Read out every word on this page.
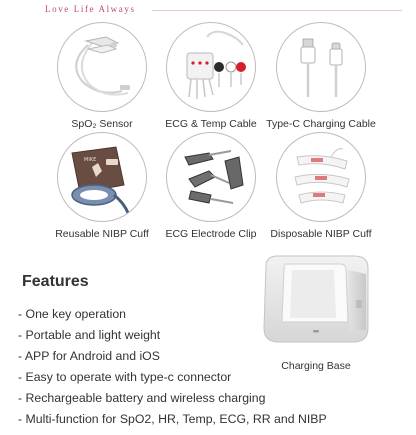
Love Life Always
SpO₂ Sensor	ECG & Temp Cable Type-C Charging Cable
MIKE
Reusable NIBP Cuff	ECG Electrode Clip	Disposable NIBP Cuff
Features
- One key operation
- Portable and light weight
- APP for Android and iOS
- Easy to operate with type-c connector
- Rechargeable battery and wireless charging
- Multi-function for SpO2, HR, Temp, ECG, RR and NIBP
Charging Base
